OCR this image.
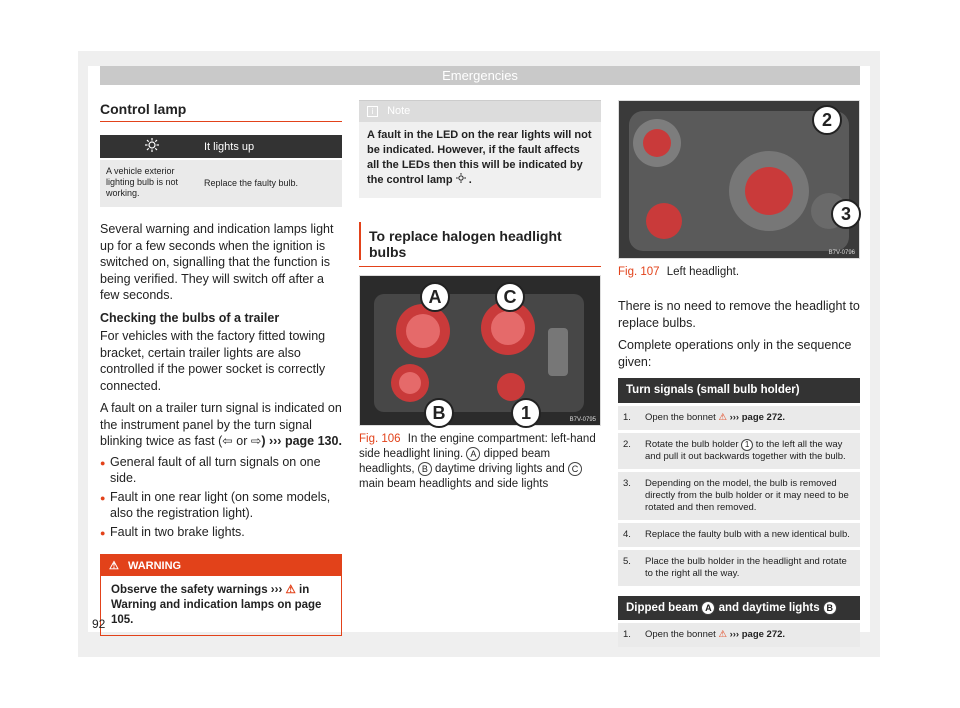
Emergencies
Control lamp
	It lights up
A vehicle exterior lighting bulb is not working.	Replace the faulty bulb.

Several warning and indication lamps light up for a few seconds when the ignition is switched on, signalling that the function is being verified. They will switch off after a few seconds.

Checking the bulbs of a trailer

For vehicles with the factory fitted towing bracket, certain trailer lights are also controlled if the power socket is correctly connected.

A fault on a trailer turn signal is indicated on the instrument panel by the turn signal blinking twice as fast (⇦ or ⇨) ››› page 130.

● General fault of all turn signals on one side.
● Fault in one rear light (on some models, also the registration light).
● Fault in two brake lights.
⚠ WARNING
Observe the safety warnings ››› ⚠ in Warning and indication lamps on page 105.
i Note
A fault in the LED on the rear lights will not be indicated. However, if the fault affects all the LEDs then this will be indicated by the control lamp .
To replace halogen headlight bulbs
A	C
B	1	B7V-0795
Fig. 106 In the engine compartment: left-hand side headlight lining. A dipped beam headlights, B daytime driving lights and C main beam headlights and side lights
2
3
B7V-0796
Fig. 107 Left headlight.

There is no need to remove the headlight to replace bulbs.

Complete operations only in the sequence given:

Turn signals (small bulb holder)	
1.	Open the bonnet ⚠ ››› page 272.
2.	Rotate the bulb holder 1 to the left all the way and pull it out backwards together with the bulb.
3.	Depending on the model, the bulb is removed directly from the bulb holder or it may need to be rotated and then removed.
4.	Replace the faulty bulb with a new identical bulb.
5.	Place the bulb holder in the headlight and rotate to the right all the way.
Dipped beam A and daytime lights B
1.	Open the bonnet ⚠ ››› page 272.
92
